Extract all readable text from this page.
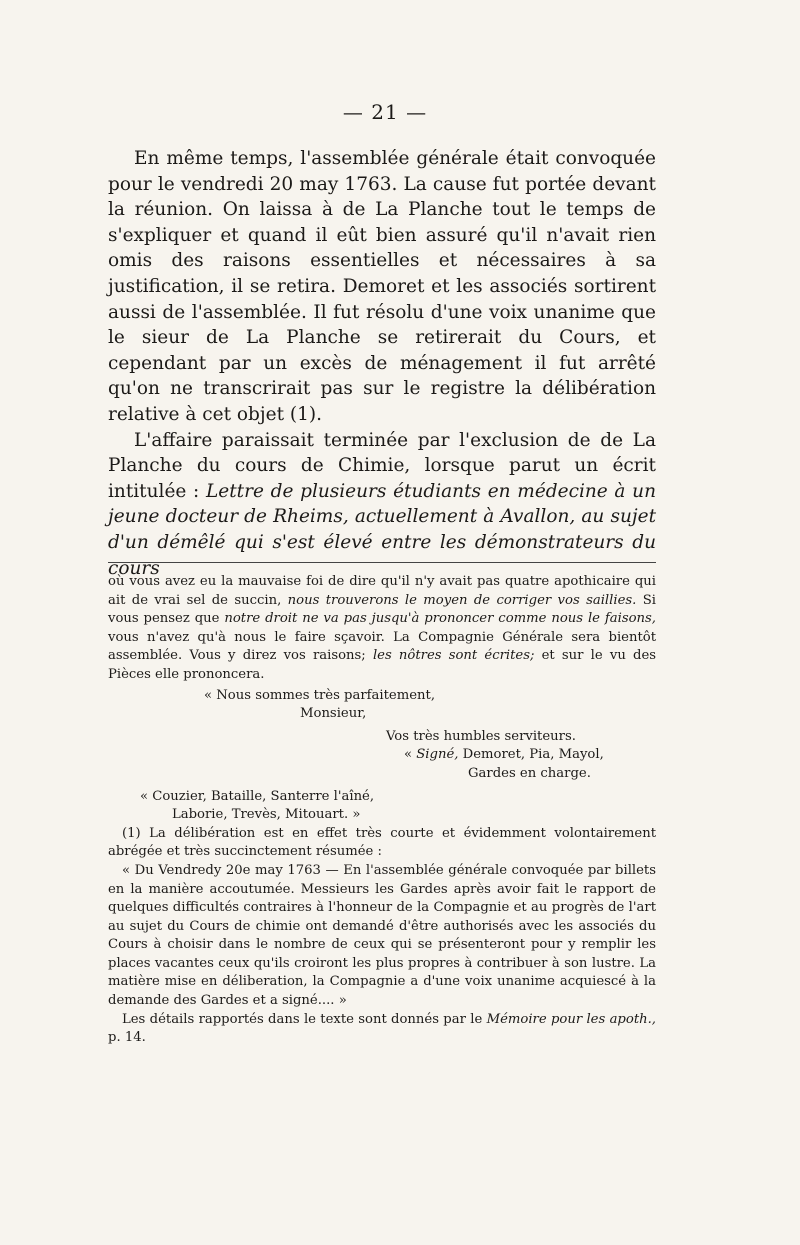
— 21 —

En même temps, l'assemblée générale était convoquée pour le vendredi 20 may 1763. La cause fut portée devant la réunion. On laissa à de La Planche tout le temps de s'expliquer et quand il eût bien assuré qu'il n'avait rien omis des raisons essentielles et nécessaires à sa justification, il se retira. Demoret et les associés sortirent aussi de l'assemblée. Il fut résolu d'une voix unanime que le sieur de La Planche se retirerait du Cours, et cependant par un excès de ménagement il fut arrêté qu'on ne transcrirait pas sur le registre la délibération relative à cet objet (1).

L'affaire paraissait terminée par l'exclusion de de La Planche du cours de Chimie, lorsque parut un écrit intitulée : Lettre de plusieurs étudiants en médecine à un jeune docteur de Rheims, actuellement à Avallon, au sujet d'un démêlé qui s'est élevé entre les démonstrateurs du cours

où vous avez eu la mauvaise foi de dire qu'il n'y avait pas quatre apothicaire qui ait de vrai sel de succin, nous trouverons le moyen de corriger vos saillies. Si vous pensez que notre droit ne va pas jusqu'à prononcer comme nous le faisons, vous n'avez qu'à nous le faire sçavoir. La Compagnie Générale sera bientôt assemblée. Vous y direz vos raisons; les nôtres sont écrites; et sur le vu des Pièces elle prononcera.

« Nous sommes très parfaitement,

Monsieur,

Vos très humbles serviteurs.

« Signé, Demoret, Pia, Mayol,

Gardes en charge.

« Couzier, Bataille, Santerre l'aîné,

Laborie, Trevès, Mitouart. »

(1) La délibération est en effet très courte et évidemment volontairement abrégée et très succinctement résumée :

« Du Vendredy 20e may 1763 — En l'assemblée générale convoquée par billets en la manière accoutumée. Messieurs les Gardes après avoir fait le rapport de quelques difficultés contraires à l'honneur de la Compagnie et au progrès de l'art au sujet du Cours de chimie ont demandé d'être authorisés avec les associés du Cours à choisir dans le nombre de ceux qui se présenteront pour y remplir les places vacantes ceux qu'ils croiront les plus propres à contribuer à son lustre. La matière mise en déliberation, la Compagnie a d'une voix unanime acquiescé à la demande des Gardes et a signé.... »

Les détails rapportés dans le texte sont donnés par le Mémoire pour les apoth., p. 14.
